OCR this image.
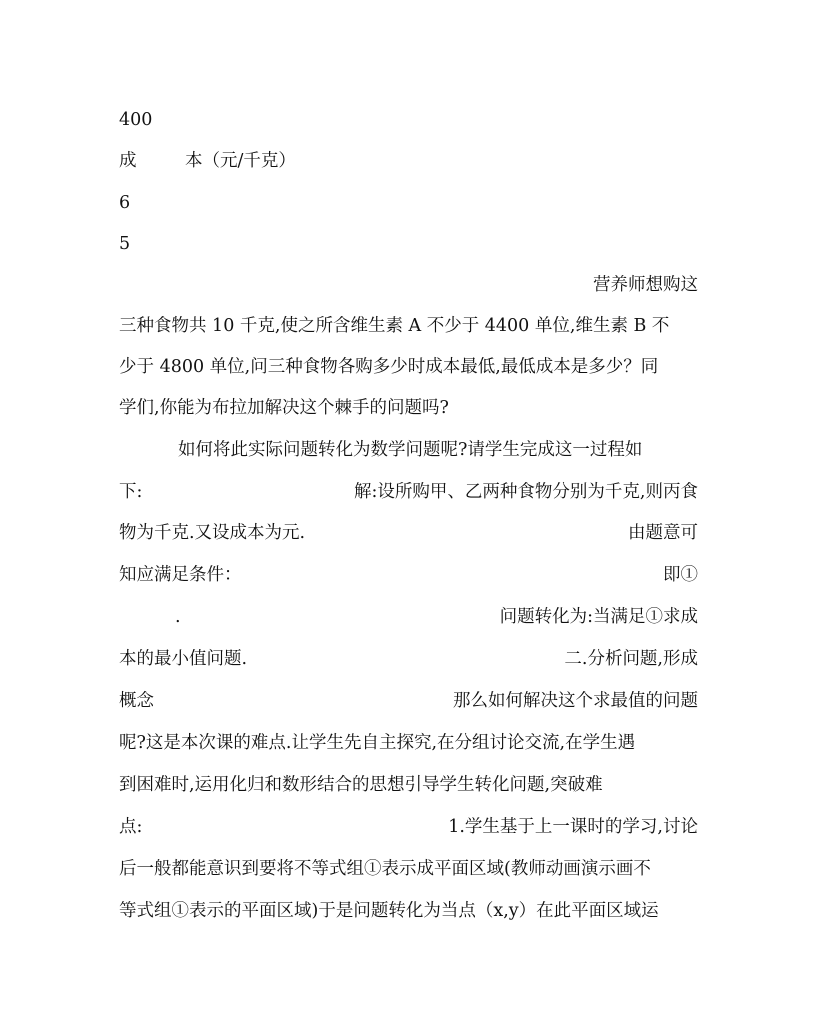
400
成	本（元/千克）
6
5
营养师想购这
三种食物共 10 千克,使之所含维生素 A 不少于 4400 单位,维生素 B 不
少于 4800 单位,问三种食物各购多少时成本最低,最低成本是多少？同
学们,你能为布拉加解决这个棘手的问题吗?
如何将此实际问题转化为数学问题呢?请学生完成这一过程如
下:	解:设所购甲、乙两种食物分别为千克,则丙食
物为千克.又设成本为元.	由题意可
知应满足条件：	即①
.	问题转化为:当满足①求成
本的最小值问题.	二.分析问题,形成
概念	那么如何解决这个求最值的问题
呢?这是本次课的难点.让学生先自主探究,在分组讨论交流,在学生遇
到困难时,运用化归和数形结合的思想引导学生转化问题,突破难
点:	1.学生基于上一课时的学习,讨论
后一般都能意识到要将不等式组①表示成平面区域(教师动画演示画不
等式组①表示的平面区域)于是问题转化为当点（x,y）在此平面区域运
